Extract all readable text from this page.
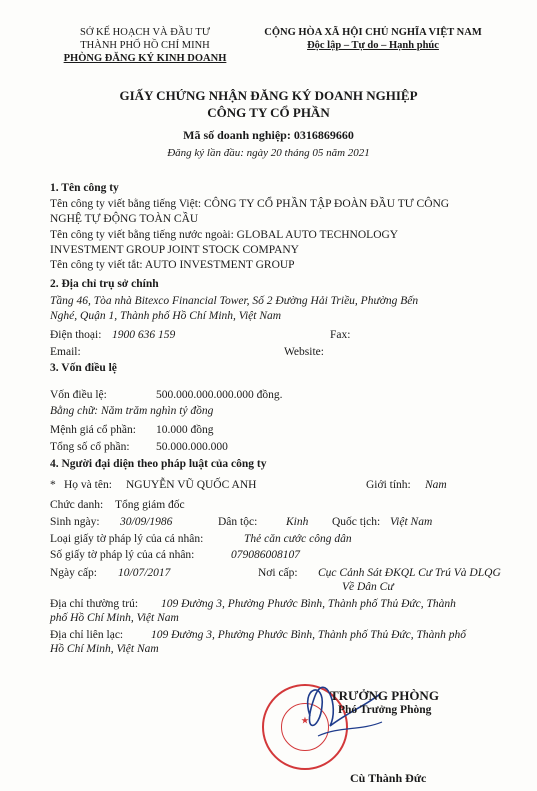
SỞ KẾ HOẠCH VÀ ĐẦU TƯ
THÀNH PHỐ HỒ CHÍ MINH
PHÒNG ĐĂNG KÝ KINH DOANH
CỘNG HÒA XÃ HỘI CHỦ NGHĨA VIỆT NAM
Độc lập – Tự do – Hạnh phúc
GIẤY CHỨNG NHẬN ĐĂNG KÝ DOANH NGHIỆP
CÔNG TY CỔ PHẦN
Mã số doanh nghiệp: 0316869660
Đăng ký lần đầu: ngày 20 tháng 05 năm 2021
1. Tên công ty
Tên công ty viết bằng tiếng Việt: CÔNG TY CỔ PHẦN TẬP ĐOÀN ĐẦU TƯ CÔNG
NGHỆ TỰ ĐỘNG TOÀN CẦU
Tên công ty viết bằng tiếng nước ngoài: GLOBAL AUTO TECHNOLOGY
INVESTMENT GROUP JOINT STOCK COMPANY
Tên công ty viết tắt: AUTO INVESTMENT GROUP
2. Địa chỉ trụ sở chính
Tầng 46, Tòa nhà Bitexco Financial Tower, Số 2 Đường Hải Triều, Phường Bến
Nghé, Quận 1, Thành phố Hồ Chí Minh, Việt Nam
Điện thoại: 1900 636 159	Fax:
Email:	Website:
3. Vốn điều lệ
Vốn điều lệ:	500.000.000.000.000 đồng.
Bằng chữ: Năm trăm nghìn tỷ đồng
Mệnh giá cổ phần: 10.000 đồng
Tổng số cổ phần: 50.000.000.000
4. Người đại diện theo pháp luật của công ty
* Họ và tên: NGUYỄN VŨ QUỐC ANH	Giới tính: Nam
Chức danh: Tổng giám đốc
Sinh ngày: 30/09/1986	Dân tộc: Kinh Quốc tịch: Việt Nam
Loại giấy tờ pháp lý của cá nhân:	Thẻ căn cước công dân
Số giấy tờ pháp lý của cá nhân:	079086008107
Ngày cấp: 10/07/2017	Nơi cấp: Cục Cảnh Sát ĐKQL Cư Trú Và DLQG
Về Dân Cư
Địa chỉ thường trú: 109 Đường 3, Phường Phước Bình, Thành phố Thủ Đức, Thành
phố Hồ Chí Minh, Việt Nam
Địa chỉ liên lạc: 109 Đường 3, Phường Phước Bình, Thành phố Thủ Đức, Thành phố
Hồ Chí Minh, Việt Nam
★
TRƯỞNG PHÒNG
Phó Trưởng Phòng
Cù Thành Đức
